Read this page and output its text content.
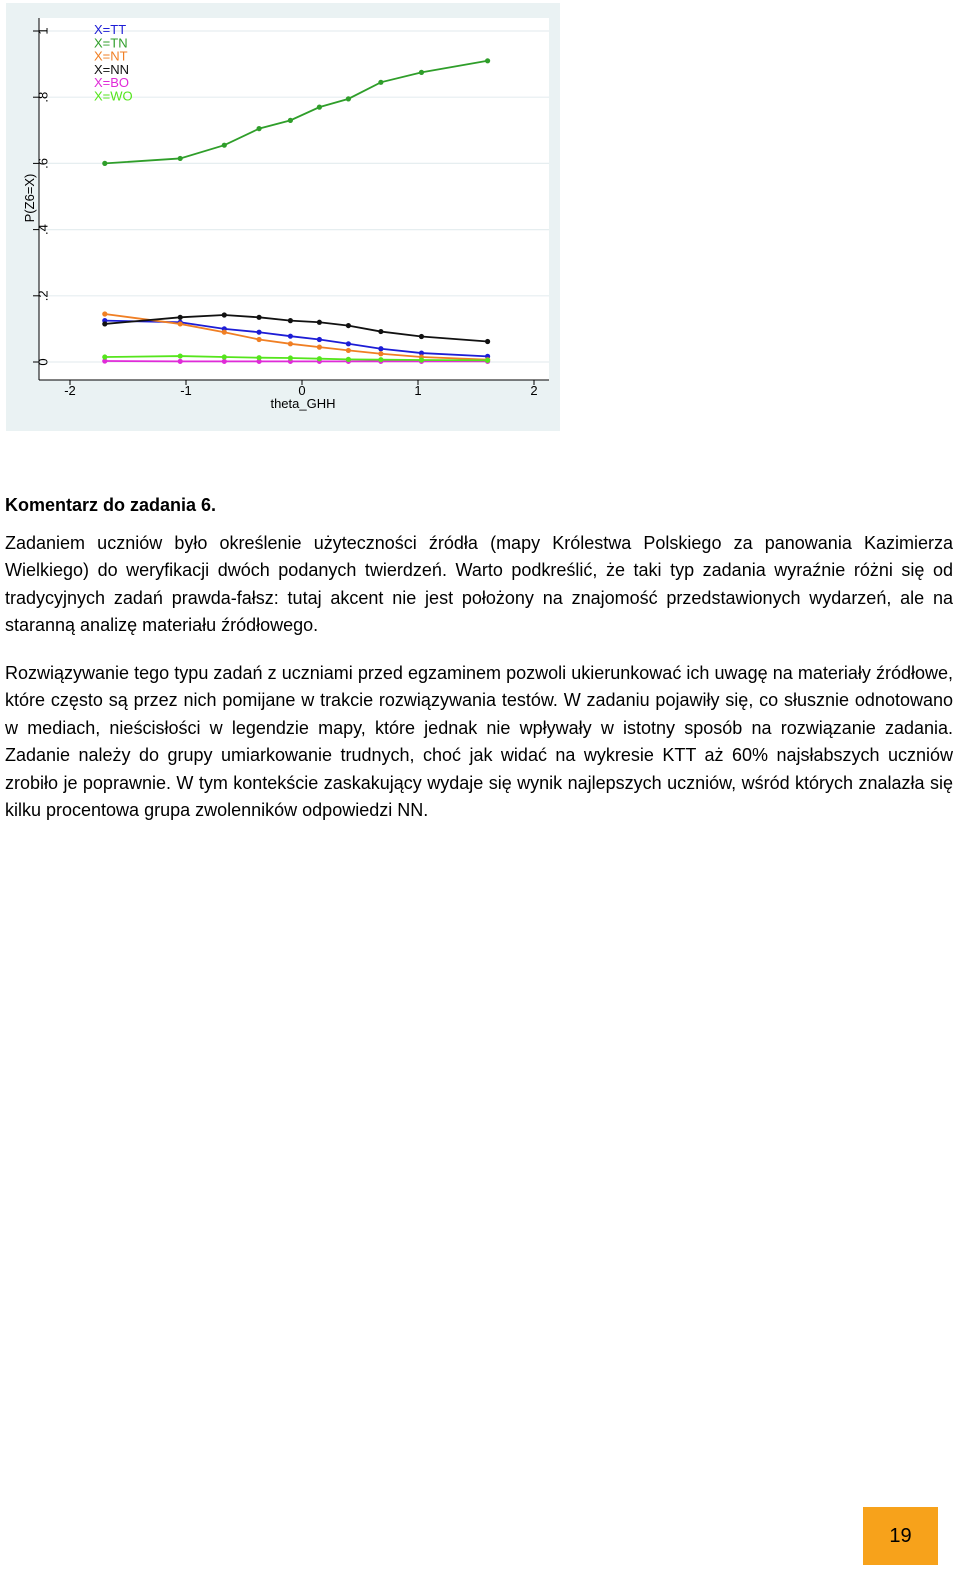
0
.2
.4
.6
.8
1
-2	-1	0	1	2
X=TT
X=TN
X=NT
X=NN
X=BO
X=WO
theta_GHH
P(Z6=X)

Komentarz do zadania 6.

Zadaniem uczniów było określenie użyteczności źródła (mapy Królestwa Polskiego za panowania Kazimierza Wielkiego) do weryfikacji dwóch podanych twierdzeń. Warto podkreślić, że taki typ zadania wyraźnie różni się od tradycyjnych zadań prawda-fałsz: tutaj akcent nie jest położony na znajomość przedstawionych wydarzeń, ale na staranną analizę materiału źródłowego.

Rozwiązywanie tego typu zadań z uczniami przed egzaminem pozwoli ukierunkować ich uwagę na materiały źródłowe, które często są przez nich pomijane w trakcie rozwiązywania testów. W zadaniu pojawiły się, co słusznie odnotowano w mediach, nieścisłości w legendzie mapy, które jednak nie wpływały w istotny sposób na rozwiązanie zadania. Zadanie należy do grupy umiarkowanie trudnych, choć jak widać na wykresie KTT aż 60% najsłabszych uczniów zrobiło je poprawnie. W tym kontekście zaskakujący wydaje się wynik najlepszych uczniów, wśród których znalazła się kilku procentowa grupa zwolenników odpowiedzi NN.

19
